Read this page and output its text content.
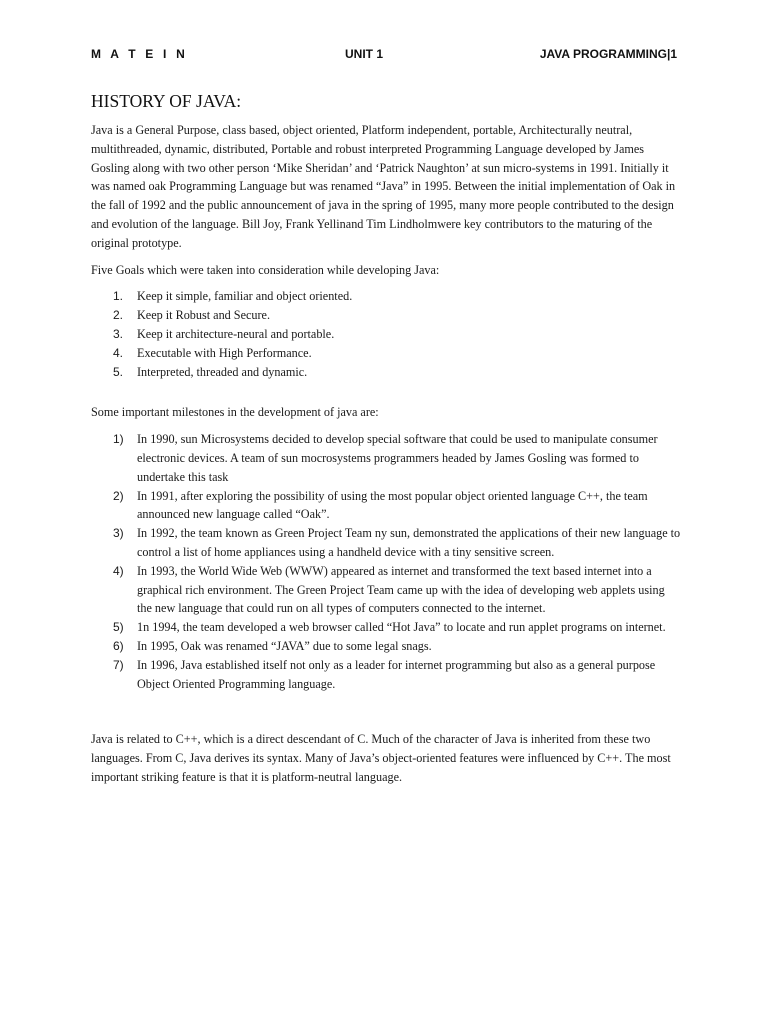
M A T E I N	UNIT 1	JAVA PROGRAMMING|1
HISTORY OF JAVA:

Java is a General Purpose, class based, object oriented, Platform independent, portable, Architecturally neutral, multithreaded, dynamic, distributed, Portable and robust interpreted Programming Language developed by James Gosling along with two other person ‘Mike Sheridan’ and ‘Patrick Naughton’ at sun micro-systems in 1991. Initially it was named oak Programming Language but was renamed “Java” in 1995. Between the initial implementation of Oak in the fall of 1992 and the public announcement of java in the spring of 1995, many more people contributed to the design and evolution of the language. Bill Joy, Frank Yellinand Tim Lindholmwere key contributors to the maturing of the original prototype.

Five Goals which were taken into consideration while developing Java:

1. Keep it simple, familiar and object oriented.
2. Keep it Robust and Secure.
3. Keep it architecture-neural and portable.
4. Executable with High Performance.
5. Interpreted, threaded and dynamic.

Some important milestones in the development of java are:

1) In 1990, sun Microsystems decided to develop special software that could be used to manipulate consumer electronic devices. A team of sun mocrosystems programmers headed by James Gosling was formed to undertake this task
2) In 1991, after exploring the possibility of using the most popular object oriented language C++, the team announced new language called “Oak”.
3) In 1992, the team known as Green Project Team ny sun, demonstrated the applications of their new language to control a list of home appliances using a handheld device with a tiny sensitive screen.
4) In 1993, the World Wide Web (WWW) appeared as internet and transformed the text based internet into a graphical rich environment. The Green Project Team came up with the idea of developing web applets using the new language that could run on all types of computers connected to the internet.
5) 1n 1994, the team developed a web browser called “Hot Java” to locate and run applet programs on internet.
6) In 1995, Oak was renamed “JAVA” due to some legal snags.
7) In 1996, Java established itself not only as a leader for internet programming but also as a general purpose Object Oriented Programming language.

Java is related to C++, which is a direct descendant of C. Much of the character of Java is inherited from these two languages. From C, Java derives its syntax. Many of Java’s object-oriented features were influenced by C++. The most important striking feature is that it is platform-neutral language.
